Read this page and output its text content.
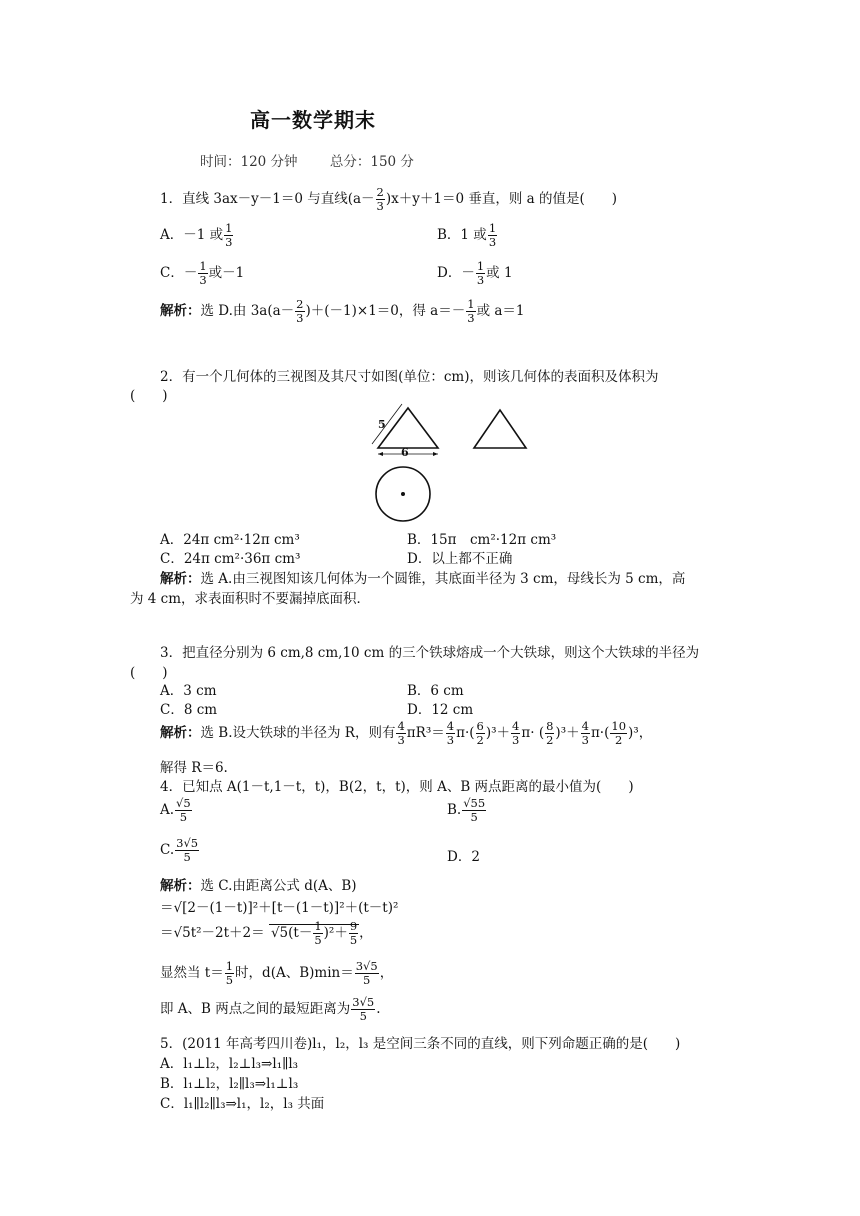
高一数学期末
时间：120 分钟 总分：150 分
1．直线 3ax－y－1＝0 与直线$(a- \frac{2}{3} )x+y+1=0$ 垂直，则 a 的值是(　　)
A．－1 或 $\frac{1}{3}$	B．1 或 $\frac{1}{3}$
C．－ $\frac{1}{3}$ 或－1	D．－ $\frac{1}{3}$ 或 1
解析：选 D.由 $3a(a- \frac{2}{3} )+(-1)\times 1=0$，得 $a=- \frac{1}{3}$ 或 a＝1
2．有一个几何体的三视图及其尺寸如图(单位：cm)，则该几何体的表面积及体积为
(　　)
5
6
A．24π cm²·12π cm³	B．15π　cm²·12π cm³
C．24π cm²·36π cm³	D．以上都不正确
解析：选 A.由三视图知该几何体为一个圆锥，其底面半径为 3 cm，母线长为 5 cm，高
为 4 cm，求表面积时不要漏掉底面积．
3．把直径分别为 6 cm,8 cm,10 cm 的三个铁球熔成一个大铁球，则这个大铁球的半径为
(　　)
A．3 cm	B．6 cm
C．8 cm	D．12 cm
解析：选 B.设大铁球的半径为 R，则有 $\frac{4}{3} \pi R^3= \frac{4}{3} \pi\cdot( \frac{6}{2} )^3+ \frac{4}{3} \pi\cdot$ ( $\frac{8}{2} )^3+ \frac{4}{3} \pi\cdot( \frac{10}{2} )^3$，
解得 R＝6.
4．已知点 A(1－t,1－t，t)，B(2，t，t)，则 A、B 两点距离的最小值为(　　)
A. $\frac{√5}{5}$	B. $\frac{√55}{5}$
C. $\frac{3√5}{5}$	D．2
解析：选 C.由距离公式 d(A、B)
＝√[2－(1－t)]²＋[t－(1－t)]²＋(t－t)²
$=√5t^2-2t+2= √5(t- \frac{1}{5} )^2+ \frac{9}{5}$ ，
显然当 $t= \frac{1}{5}$ 时，d(A、$B)\min= \frac{3√5}{5}$ ，
即 A、B 两点之间的最短距离为 $\frac{3√5}{5}$ .
5．(2011 年高考四川卷)l₁，l₂，l₃ 是空间三条不同的直线，则下列命题正确的是(　　)
A．l₁⊥l₂，l₂⊥l₃⇒l₁∥l₃
B．l₁⊥l₂，l₂∥l₃⇒l₁⊥l₃
C．l₁∥l₂∥l₃⇒l₁，l₂，l₃ 共面
